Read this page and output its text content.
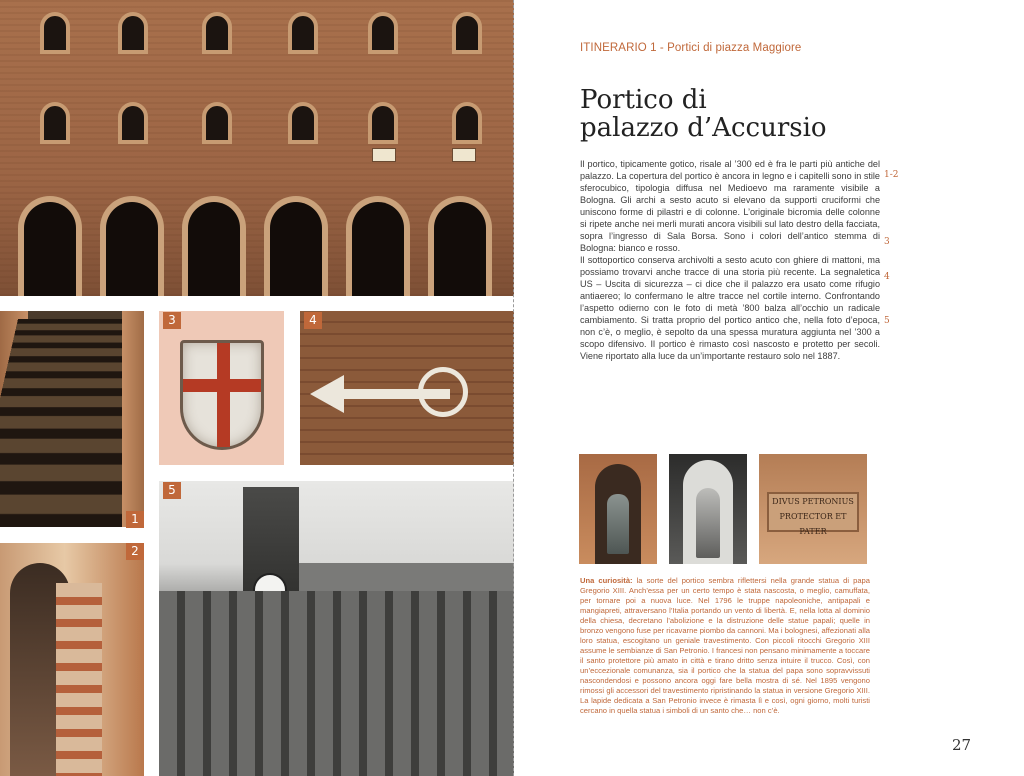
1
2
3	4
5
ITINERARIO 1 - Portici di piazza Maggiore
Portico di
palazzo d’Accursio

Il portico, tipicamente gotico, risale al ’300 ed è fra le parti più antiche del palazzo. La copertura del portico è ancora in legno e i capitelli sono in stile sferocubico, tipologia diffusa nel Medioevo ma raramente visibile a Bologna. Gli archi a sesto acuto si elevano da supporti cruciformi che uniscono forme di pilastri e di colonne. L’originale bicromia delle colonne si ripete anche nei merli murati ancora visibili sul lato destro della facciata, sopra l’ingresso di Sala Borsa. Sono i colori dell’antico stemma di Bologna: bianco e rosso.

Il sottoportico conserva archivolti a sesto acuto con ghiere di mattoni, ma possiamo trovarvi anche tracce di una storia più recente. La segnaletica US – Uscita di sicurezza – ci dice che il palazzo era usato come rifugio antiaereo; lo confermano le altre tracce nel cortile interno. Confrontando l’aspetto odierno con le foto di metà ’800 balza all’occhio un radicale cambiamento. Si tratta proprio del portico antico che, nella foto d’epoca, non c’è, o meglio, è sepolto da una spessa muratura aggiunta nel ’300 a scopo difensivo. Il portico è rimasto così nascosto e protetto per secoli. Viene riportato alla luce da un’importante restauro solo nel 1887.

1-2
3
4
5
DIVUS PETRONIUS PROTECTOR ET PATER

Una curiosità: la sorte del portico sembra riflettersi nella grande statua di papa Gregorio XIII. Anch’essa per un certo tempo è stata nascosta, o meglio, camuffata, per tornare poi a nuova luce. Nel 1796 le truppe napoleoniche, antipapali e mangiapreti, attraversano l’Italia portando un vento di libertà. E, nella lotta al dominio della chiesa, decretano l’abolizione e la distruzione delle statue papali; quelle in bronzo vengono fuse per ricavarne piombo da cannoni. Ma i bolognesi, affezionati alla loro statua, escogitano un geniale travestimento. Con piccoli ritocchi Gregorio XIII assume le sembianze di San Petronio. I francesi non pensano minimamente a toccare il santo protettore più amato in città e tirano dritto senza intuire il trucco. Così, con un’eccezionale comunanza, sia il portico che la statua del papa sono sopravvissuti nascondendosi e possono ancora oggi fare bella mostra di sé. Nel 1895 vengono rimossi gli accessori del travestimento ripristinando la statua in versione Gregorio XIII. La lapide dedicata a San Petronio invece è rimasta lì e così, ogni giorno, molti turisti cercano in quella statua i simboli di un santo che… non c’è.

27
